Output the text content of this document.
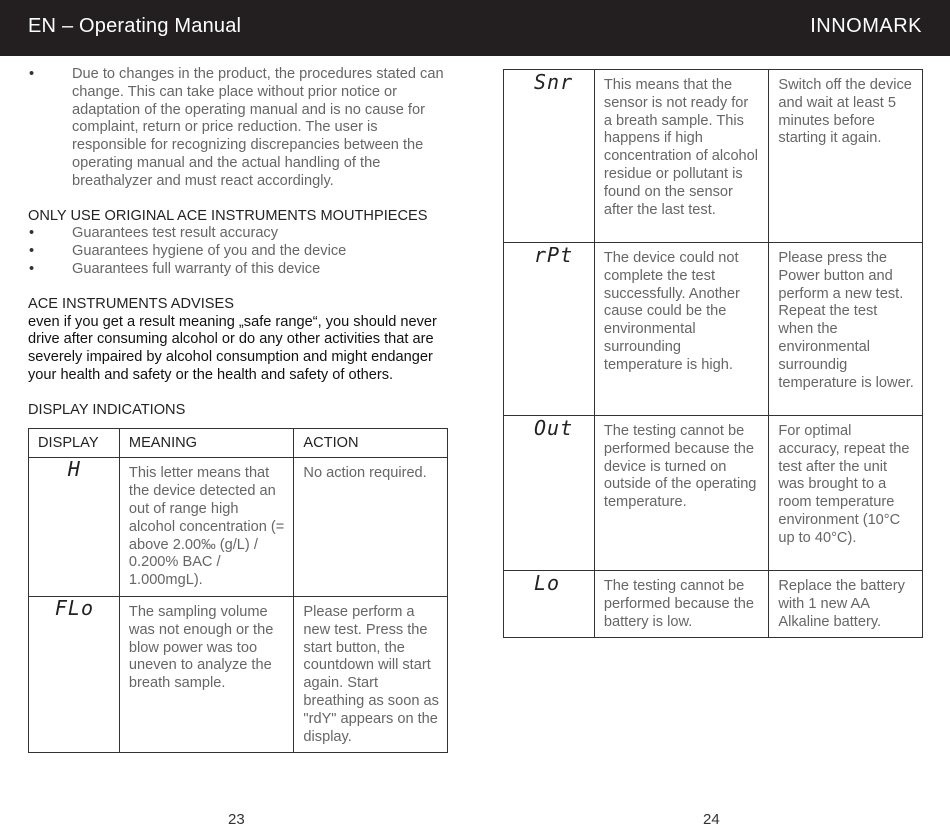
EN – Operating Manual	INNOMARK
•	Due to changes in the product, the procedures stated can change. This can take place without prior notice or adaptation of the operating manual and is no cause for complaint, return or price reduction. The user is responsible for recognizing discrepancies between the operating manual and the actual handling of the breathalyzer and must react accordingly.
ONLY USE ORIGINAL ACE INSTRUMENTS MOUTHPIECES
•	Guarantees test result accuracy
•	Guarantees hygiene of you and the device
•	Guarantees full warranty of this device
ACE INSTRUMENTS ADVISES
even if you get a result meaning „safe range“, you should never drive after consuming alcohol or do any other activities that are severely impaired by alcohol consumption and might endanger your health and safety or the health and safety of others.
DISPLAY INDICATIONS
DISPLAY	MEANING	ACTION
H	This letter means that the device detected an out of range high alcohol concentration (= above 2.00‰ (g/L) / 0.200% BAC / 1.000mgL).	No action required.
FLo	The sampling volume was not enough or the blow power was too uneven to analyze the breath sample.	Please perform a new test. Press the start button, the countdown will start again. Start breathing as soon as "rdY" appears on the display.
Snr	This means that the sensor is not ready for a breath sample. This happens if high concentration of alcohol residue or pollutant is found on the sensor after the last test.	Switch off the device and wait at least 5 minutes before starting it again.
rPt	The device could not complete the test successfully. Another cause could be the environmental surrounding temperature is high.	Please press the Power button and perform a new test. Repeat the test when the environmental surroundig temperature is lower.
Out	The testing cannot be performed because the device is turned on outside of the operating temperature.	For optimal accuracy, repeat the test after the unit was brought to a room temperature environment (10°C up to 40°C).
Lo	The testing cannot be performed because the battery is low.	Replace the battery with 1 new AA Alkaline battery.
23	24
